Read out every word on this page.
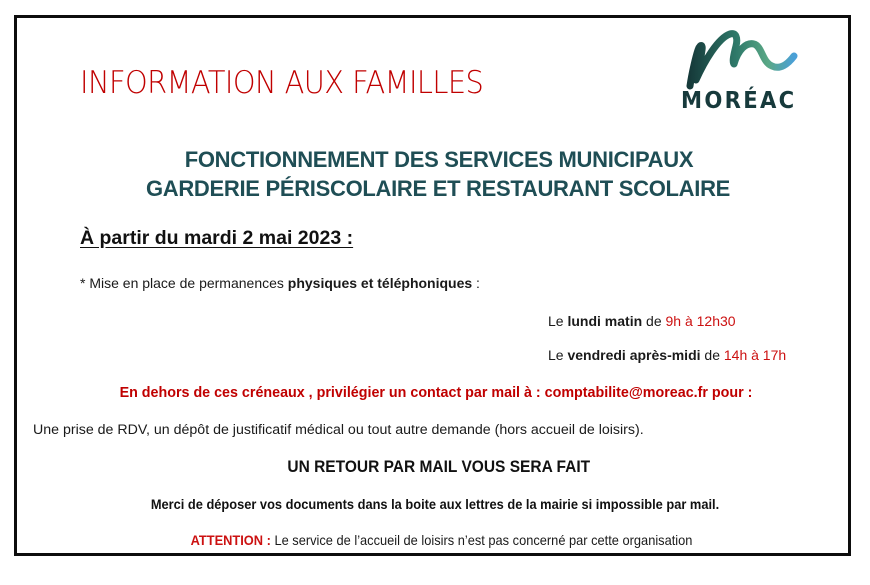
INFORMATION AUX FAMILLES	MORÉAC
FONCTIONNEMENT DES SERVICES MUNICIPAUX
GARDERIE PÉRISCOLAIRE ET RESTAURANT SCOLAIRE
À partir du mardi 2 mai 2023 :
* Mise en place de permanences physiques et téléphoniques :
Le lundi matin de 9h à 12h30
Le vendredi après-midi de 14h à 17h
En dehors de ces créneaux , privilégier un contact par mail à : comptabilite@moreac.fr pour :
Une prise de RDV, un dépôt de justificatif médical ou tout autre demande (hors accueil de loisirs).
UN RETOUR PAR MAIL VOUS SERA FAIT
Merci de déposer vos documents dans la boite aux lettres de la mairie si impossible par mail.
ATTENTION : Le service de l’accueil de loisirs n’est pas concerné par cette organisation
